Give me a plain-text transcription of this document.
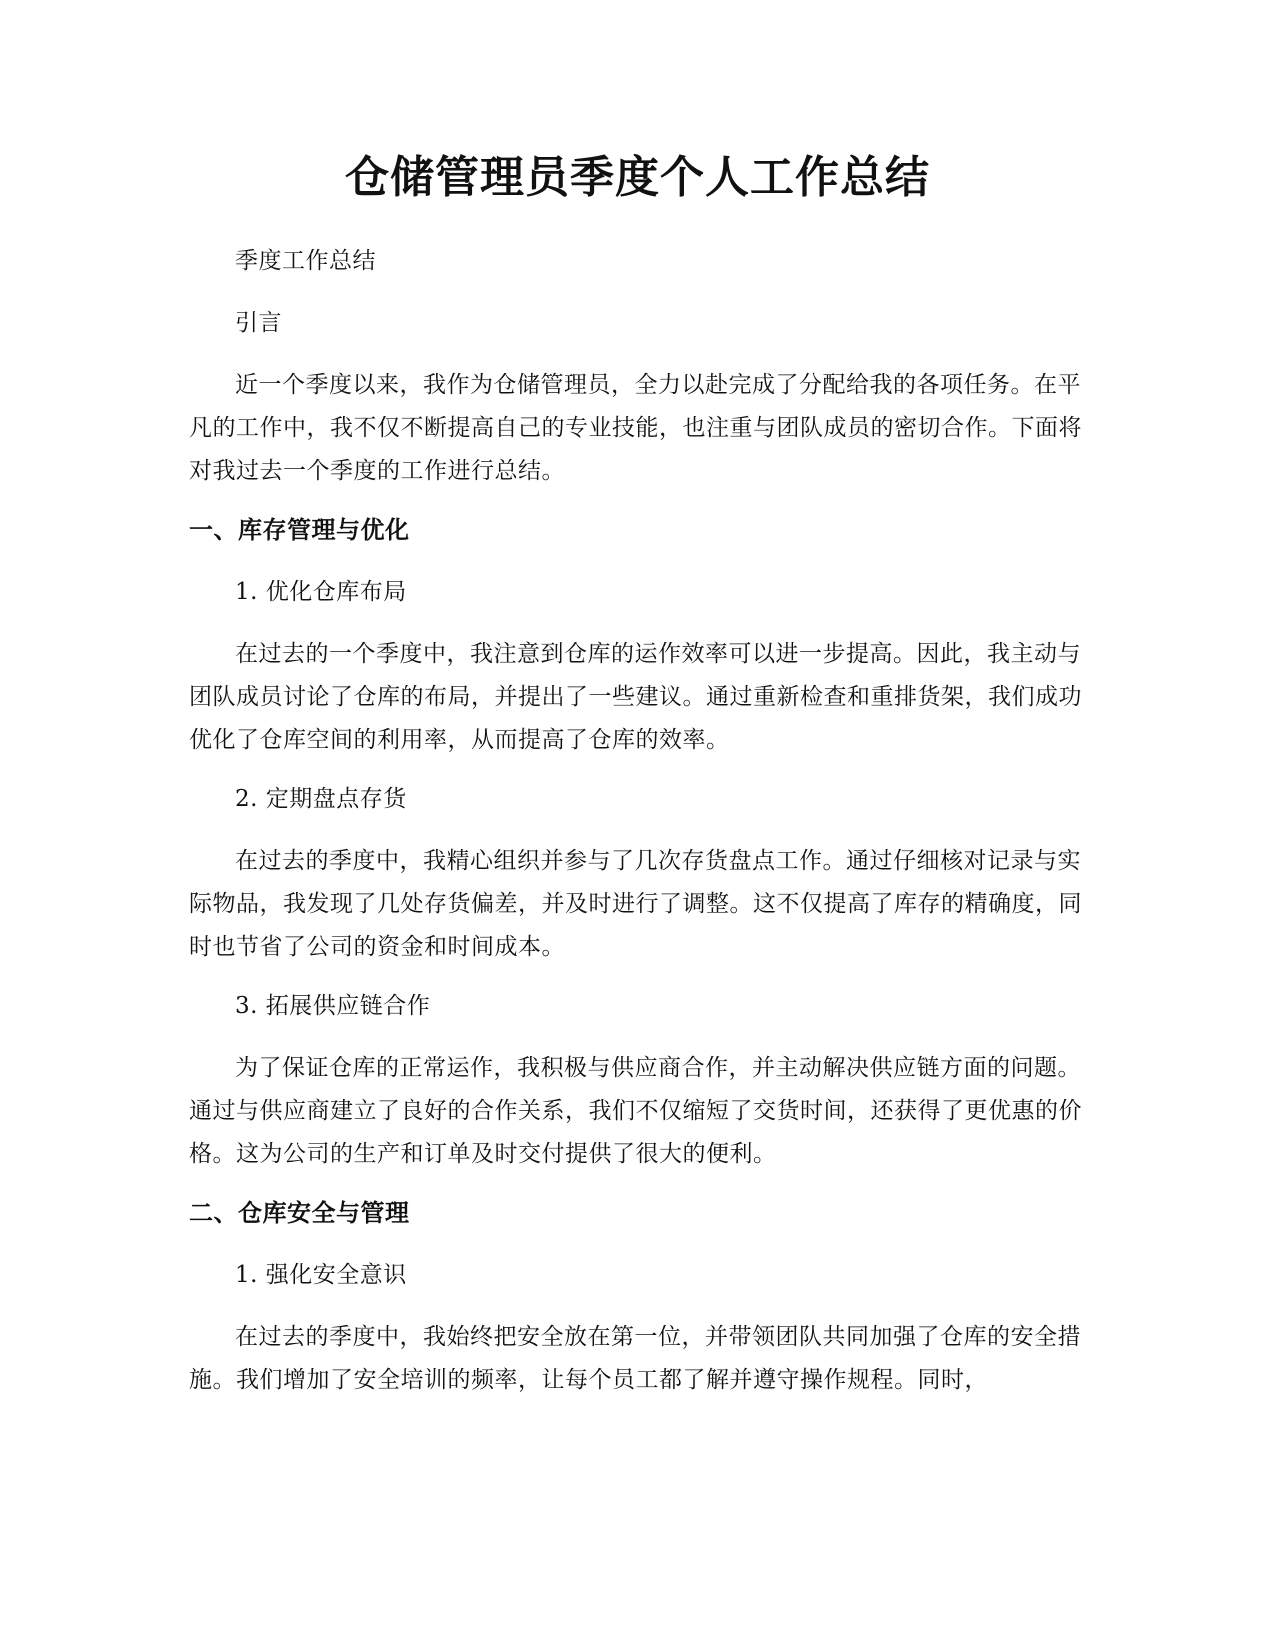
仓储管理员季度个人工作总结

季度工作总结

引言

近一个季度以来，我作为仓储管理员，全力以赴完成了分配给我的各项任务。在平凡的工作中，我不仅不断提高自己的专业技能，也注重与团队成员的密切合作。下面将对我过去一个季度的工作进行总结。

一、库存管理与优化

1. 优化仓库布局

在过去的一个季度中，我注意到仓库的运作效率可以进一步提高。因此，我主动与团队成员讨论了仓库的布局，并提出了一些建议。通过重新检查和重排货架，我们成功优化了仓库空间的利用率，从而提高了仓库的效率。

2. 定期盘点存货

在过去的季度中，我精心组织并参与了几次存货盘点工作。通过仔细核对记录与实际物品，我发现了几处存货偏差，并及时进行了调整。这不仅提高了库存的精确度，同时也节省了公司的资金和时间成本。

3. 拓展供应链合作

为了保证仓库的正常运作，我积极与供应商合作，并主动解决供应链方面的问题。通过与供应商建立了良好的合作关系，我们不仅缩短了交货时间，还获得了更优惠的价格。这为公司的生产和订单及时交付提供了很大的便利。

二、仓库安全与管理

1. 强化安全意识

在过去的季度中，我始终把安全放在第一位，并带领团队共同加强了仓库的安全措施。我们增加了安全培训的频率，让每个员工都了解并遵守操作规程。同时，
